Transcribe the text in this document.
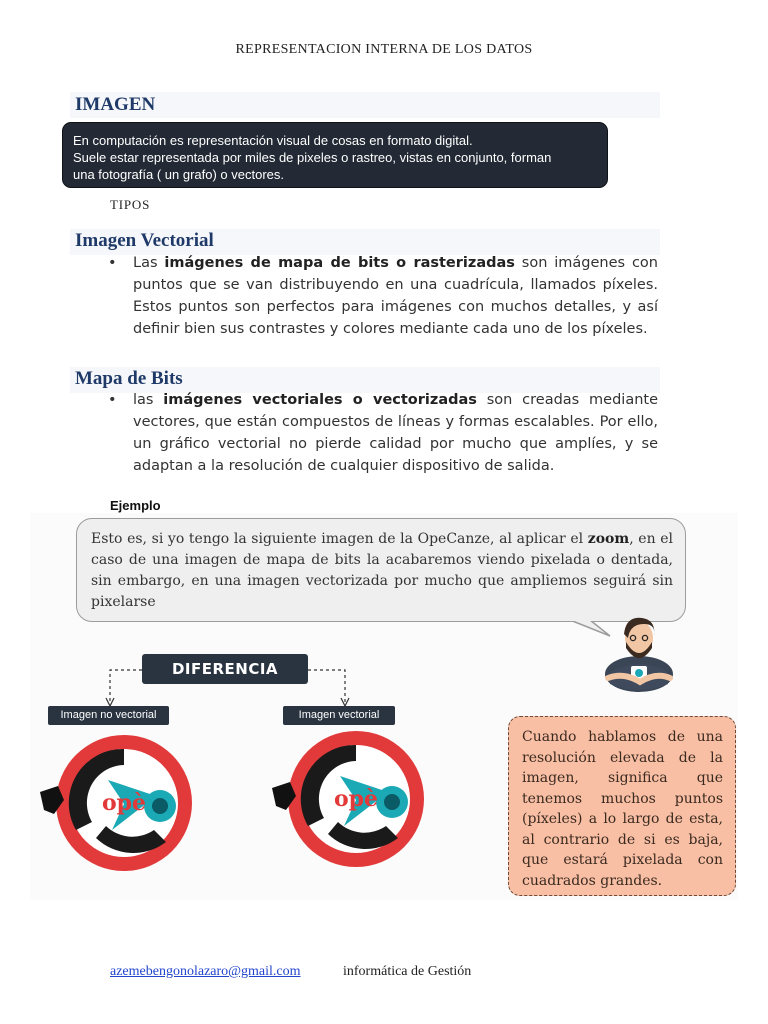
REPRESENTACION INTERNA DE LOS DATOS
IMAGEN
En computación es representación visual de cosas en formato digital.
Suele estar representada por miles de pixeles o rastreo, vistas en conjunto, forman
una fotografía ( un grafo) o vectores.
TIPOS
Imagen Vectorial
• Las imágenes de mapa de bits o rasterizadas son imágenes con puntos que se van distribuyendo en una cuadrícula, llamados píxeles. Estos puntos son perfectos para imágenes con muchos detalles, y así definir bien sus contrastes y colores mediante cada uno de los píxeles.
Mapa de Bits
• las imágenes vectoriales o vectorizadas son creadas mediante vectores, que están compuestos de líneas y formas escalables. Por ello, un gráfico vectorial no pierde calidad por mucho que amplíes, y se adaptan a la resolución de cualquier dispositivo de salida.
Ejemplo
Esto es, si yo tengo la siguiente imagen de la OpeCanze, al aplicar el zoom, en el caso de una imagen de mapa de bits la acabaremos viendo pixelada o dentada, sin embargo, en una imagen vectorizada por mucho que ampliemos seguirá sin pixelarse
DIFERENCIA
Imagen no vectorial	Imagen vectorial
opè	opè
Cuando hablamos de una resolución elevada de la imagen, significa que tenemos muchos puntos (píxeles) a lo largo de esta, al contrario de si es baja, que estará pixelada con cuadrados grandes.
azemebengonolazaro@gmail.com	informática de Gestión
